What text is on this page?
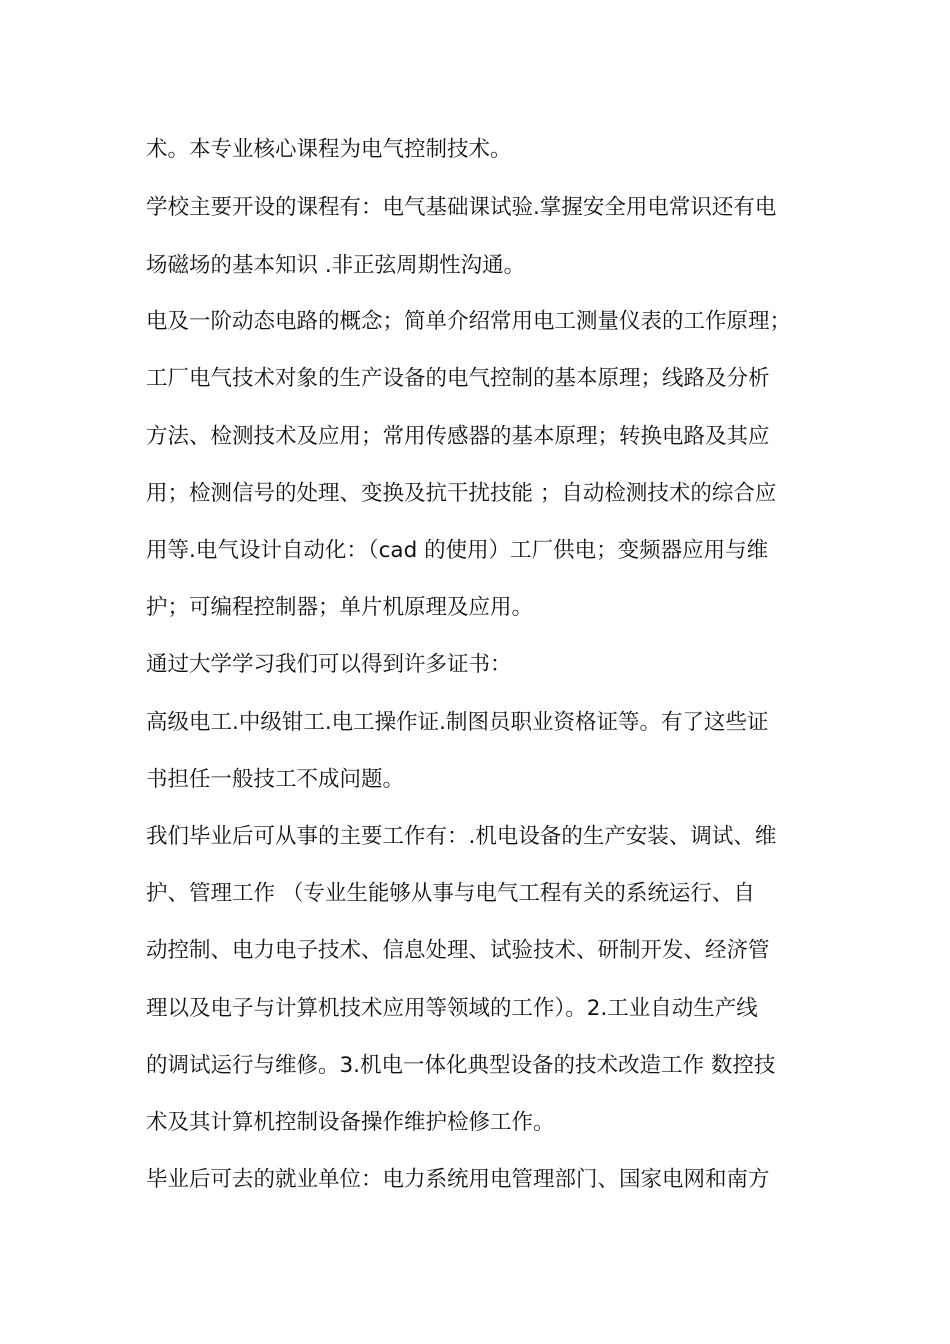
术。本专业核心课程为电气控制技术。
学校主要开设的课程有：电气基础课试验.掌握安全用电常识还有电
场磁场的基本知识 .非正弦周期性沟通。
电及一阶动态电路的概念；简单介绍常用电工测量仪表的工作原理；
工厂电气技术对象的生产设备的电气控制的基本原理；线路及分析
方法、检测技术及应用；常用传感器的基本原理；转换电路及其应
用；检测信号的处理、变换及抗干扰技能 ；自动检测技术的综合应
用等.电气设计自动化：（cad 的使用）工厂供电；变频器应用与维
护；可编程控制器；单片机原理及应用。
通过大学学习我们可以得到许多证书：
高级电工.中级钳工.电工操作证.制图员职业资格证等。有了这些证
书担任一般技工不成问题。
我们毕业后可从事的主要工作有：.机电设备的生产安装、调试、维
护、管理工作 （专业生能够从事与电气工程有关的系统运行、自
动控制、电力电子技术、信息处理、试验技术、研制开发、经济管
理以及电子与计算机技术应用等领域的工作）。2.工业自动生产线
的调试运行与维修。3.机电一体化典型设备的技术改造工作 数控技
术及其计算机控制设备操作维护检修工作。
毕业后可去的就业单位：电力系统用电管理部门、国家电网和南方
